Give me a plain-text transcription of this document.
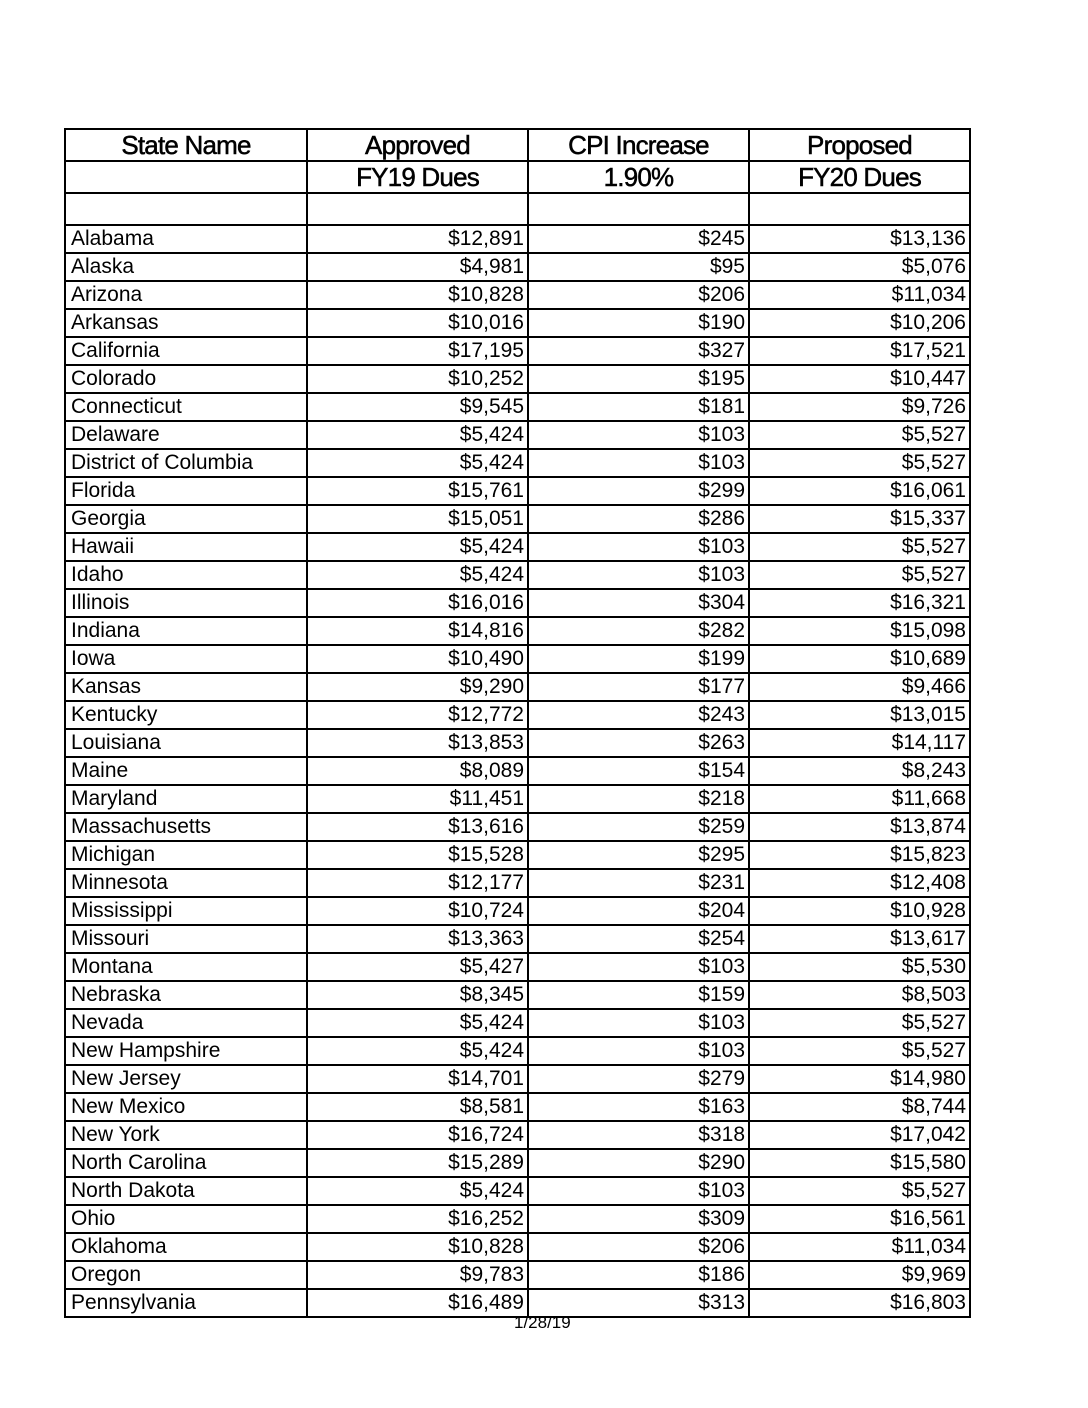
State Name	Approved	CPI Increase	Proposed
	FY19 Dues	1.90%	FY20 Dues

Alabama	$12,891	$245	$13,136
Alaska	$4,981	$95	$5,076
Arizona	$10,828	$206	$11,034
Arkansas	$10,016	$190	$10,206
California	$17,195	$327	$17,521
Colorado	$10,252	$195	$10,447
Connecticut	$9,545	$181	$9,726
Delaware	$5,424	$103	$5,527
District of Columbia	$5,424	$103	$5,527
Florida	$15,761	$299	$16,061
Georgia	$15,051	$286	$15,337
Hawaii	$5,424	$103	$5,527
Idaho	$5,424	$103	$5,527
Illinois	$16,016	$304	$16,321
Indiana	$14,816	$282	$15,098
Iowa	$10,490	$199	$10,689
Kansas	$9,290	$177	$9,466
Kentucky	$12,772	$243	$13,015
Louisiana	$13,853	$263	$14,117
Maine	$8,089	$154	$8,243
Maryland	$11,451	$218	$11,668
Massachusetts	$13,616	$259	$13,874
Michigan	$15,528	$295	$15,823
Minnesota	$12,177	$231	$12,408
Mississippi	$10,724	$204	$10,928
Missouri	$13,363	$254	$13,617
Montana	$5,427	$103	$5,530
Nebraska	$8,345	$159	$8,503
Nevada	$5,424	$103	$5,527
New Hampshire	$5,424	$103	$5,527
New Jersey	$14,701	$279	$14,980
New Mexico	$8,581	$163	$8,744
New York	$16,724	$318	$17,042
North Carolina	$15,289	$290	$15,580
North Dakota	$5,424	$103	$5,527
Ohio	$16,252	$309	$16,561
Oklahoma	$10,828	$206	$11,034
Oregon	$9,783	$186	$9,969
Pennsylvania	$16,489	$313	$16,803
1/28/19
